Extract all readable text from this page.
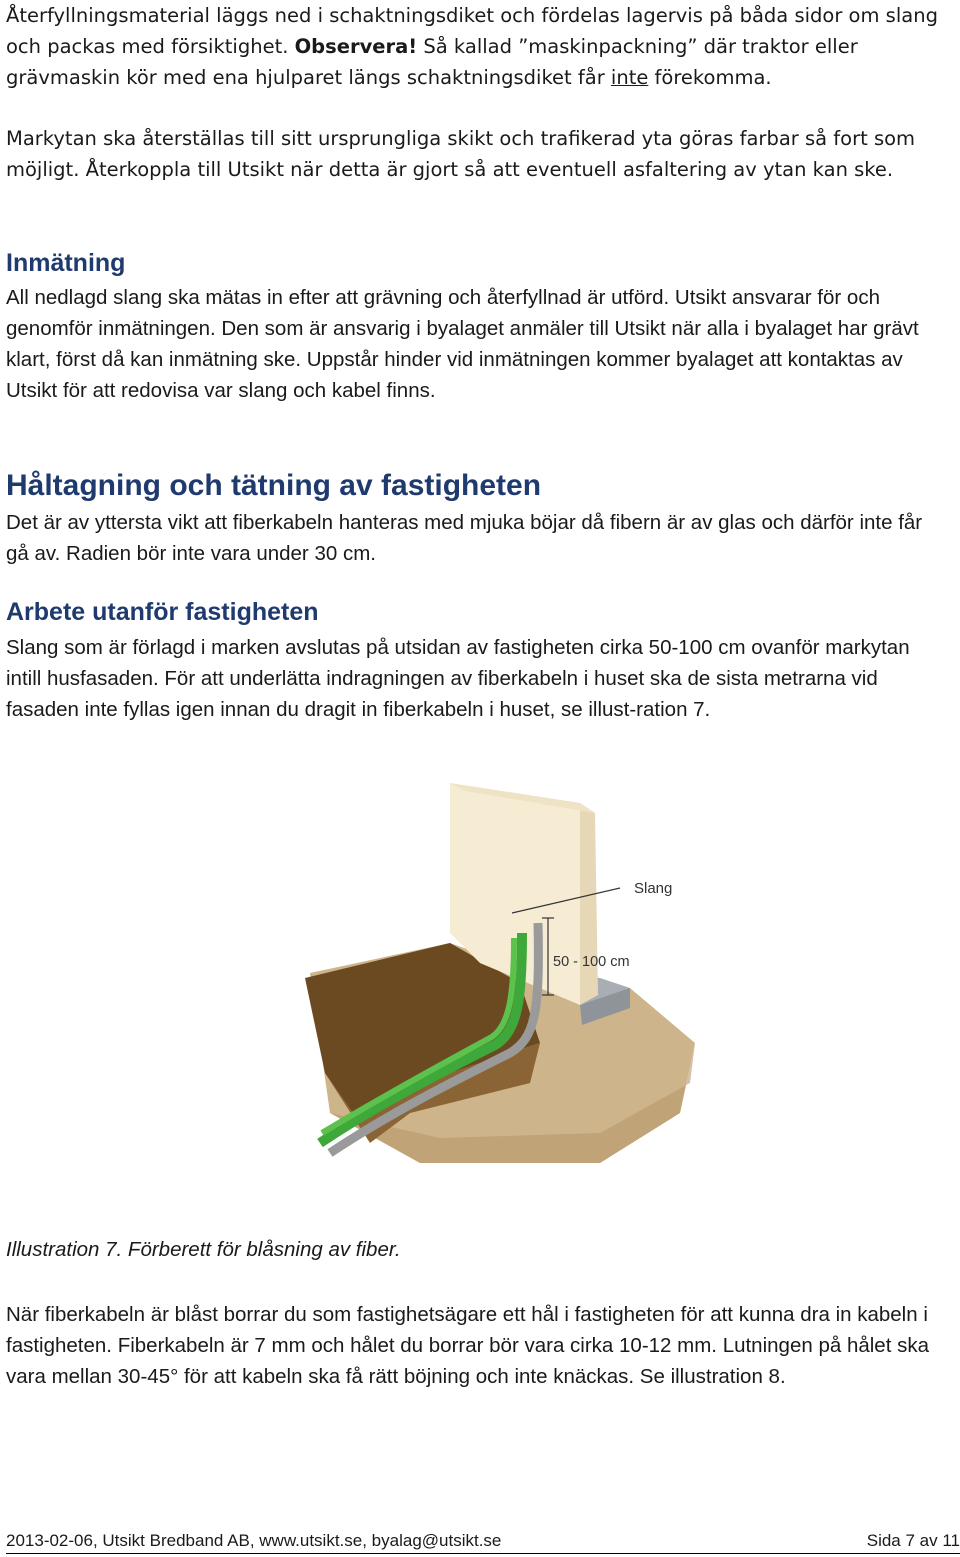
Återfyllningsmaterial läggs ned i schaktningsdiket och fördelas lagervis på båda sidor om slang och packas med försiktighet. Observera! Så kallad ”maskinpackning” där traktor eller grävmaskin kör med ena hjulparet längs schaktningsdiket får inte förekomma.
Markytan ska återställas till sitt ursprungliga skikt och trafikerad yta göras farbar så fort som möjligt. Återkoppla till Utsikt när detta är gjort så att eventuell asfaltering av ytan kan ske.
Inmätning
All nedlagd slang ska mätas in efter att grävning och återfyllnad är utförd. Utsikt ansvarar för och genomför inmätningen. Den som är ansvarig i byalaget anmäler till Utsikt när alla i byalaget har grävt klart, först då kan inmätning ske. Uppstår hinder vid inmätningen kommer byalaget att kontaktas av Utsikt för att redovisa var slang och kabel finns.
Håltagning och tätning av fastigheten
Det är av yttersta vikt att fiberkabeln hanteras med mjuka böjar då fibern är av glas och därför inte får gå av. Radien bör inte vara under 30 cm.
Arbete utanför fastigheten
Slang som är förlagd i marken avslutas på utsidan av fastigheten cirka 50-100 cm ovanför markytan intill husfasaden. För att underlätta indragningen av fiberkabeln i huset ska de sista metrarna vid fasaden inte fyllas igen innan du dragit in fiberkabeln i huset, se illust-ration 7.
Slang
50 - 100 cm
Illustration 7. Förberett för blåsning av fiber.
När fiberkabeln är blåst borrar du som fastighetsägare ett hål i fastigheten för att kunna dra in kabeln i fastigheten. Fiberkabeln är 7 mm och hålet du borrar bör vara cirka 10-12 mm. Lutningen på hålet ska vara mellan 30-45° för att kabeln ska få rätt böjning och inte knäckas. Se illustration 8.
2013-02-06, Utsikt Bredband AB, www.utsikt.se, byalag@utsikt.se	Sida 7 av 11
